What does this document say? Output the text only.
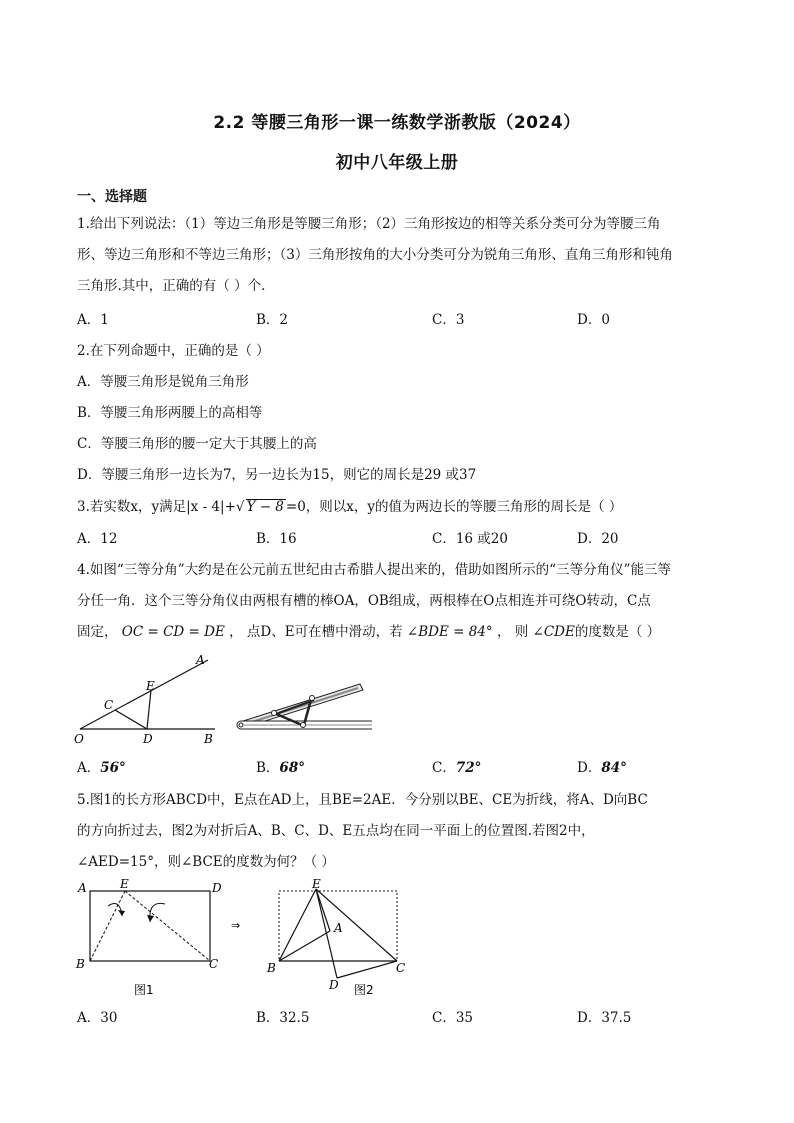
2.2 等腰三角形一课一练数学浙教版（2024）
初中八年级上册
一、选择题
1.给出下列说法：（1）等边三角形是等腰三角形；（2）三角形按边的相等关系分类可分为等腰三角
形、等边三角形和不等边三角形；（3）三角形按角的大小分类可分为锐角三角形、直角三角形和钝角
三角形.其中，正确的有（ ）个.
A．1	B．2	C．3	D．0
2.在下列命题中，正确的是（ ）
A．等腰三角形是锐角三角形
B．等腰三角形两腰上的高相等
C．等腰三角形的腰一定大于其腰上的高
D．等腰三角形一边长为7，另一边长为15，则它的周长是29 或37
3.若实数x，y满足|x - 4|+√ Y − 8 =0，则以x，y的值为两边长的等腰三角形的周长是（ ）
A．12	B．16	C．16 或20	D．20
4.如图“三等分角”大约是在公元前五世纪由古希腊人提出来的，借助如图所示的“三等分角仪”能三等
分任一角．这个三等分角仪由两根有槽的棒OA，OB组成，两根棒在O点相连并可绕O转动，C点
固定， OC = CD = DE ， 点D、E可在槽中滑动，若 ∠BDE = 84° ， 则 ∠CDE的度数是（ ）
A
B
C
D
E
O
A．56°	B．68°	C．72°	D．84°
5.图1的长方形ABCD中，E点在AD上，且BE=2AE．今分别以BE、CE为折线，将A、D向BC
的方向折过去，图2为对折后A、B、C、D、E五点均在同一平面上的位置图.若图2中，
∠AED=15°，则∠BCE的度数为何？（ ）
A	E	D
B	C
图1
⇒
E
A
B	C
D 图2
A．30	B．32.5	C．35	D．37.5
